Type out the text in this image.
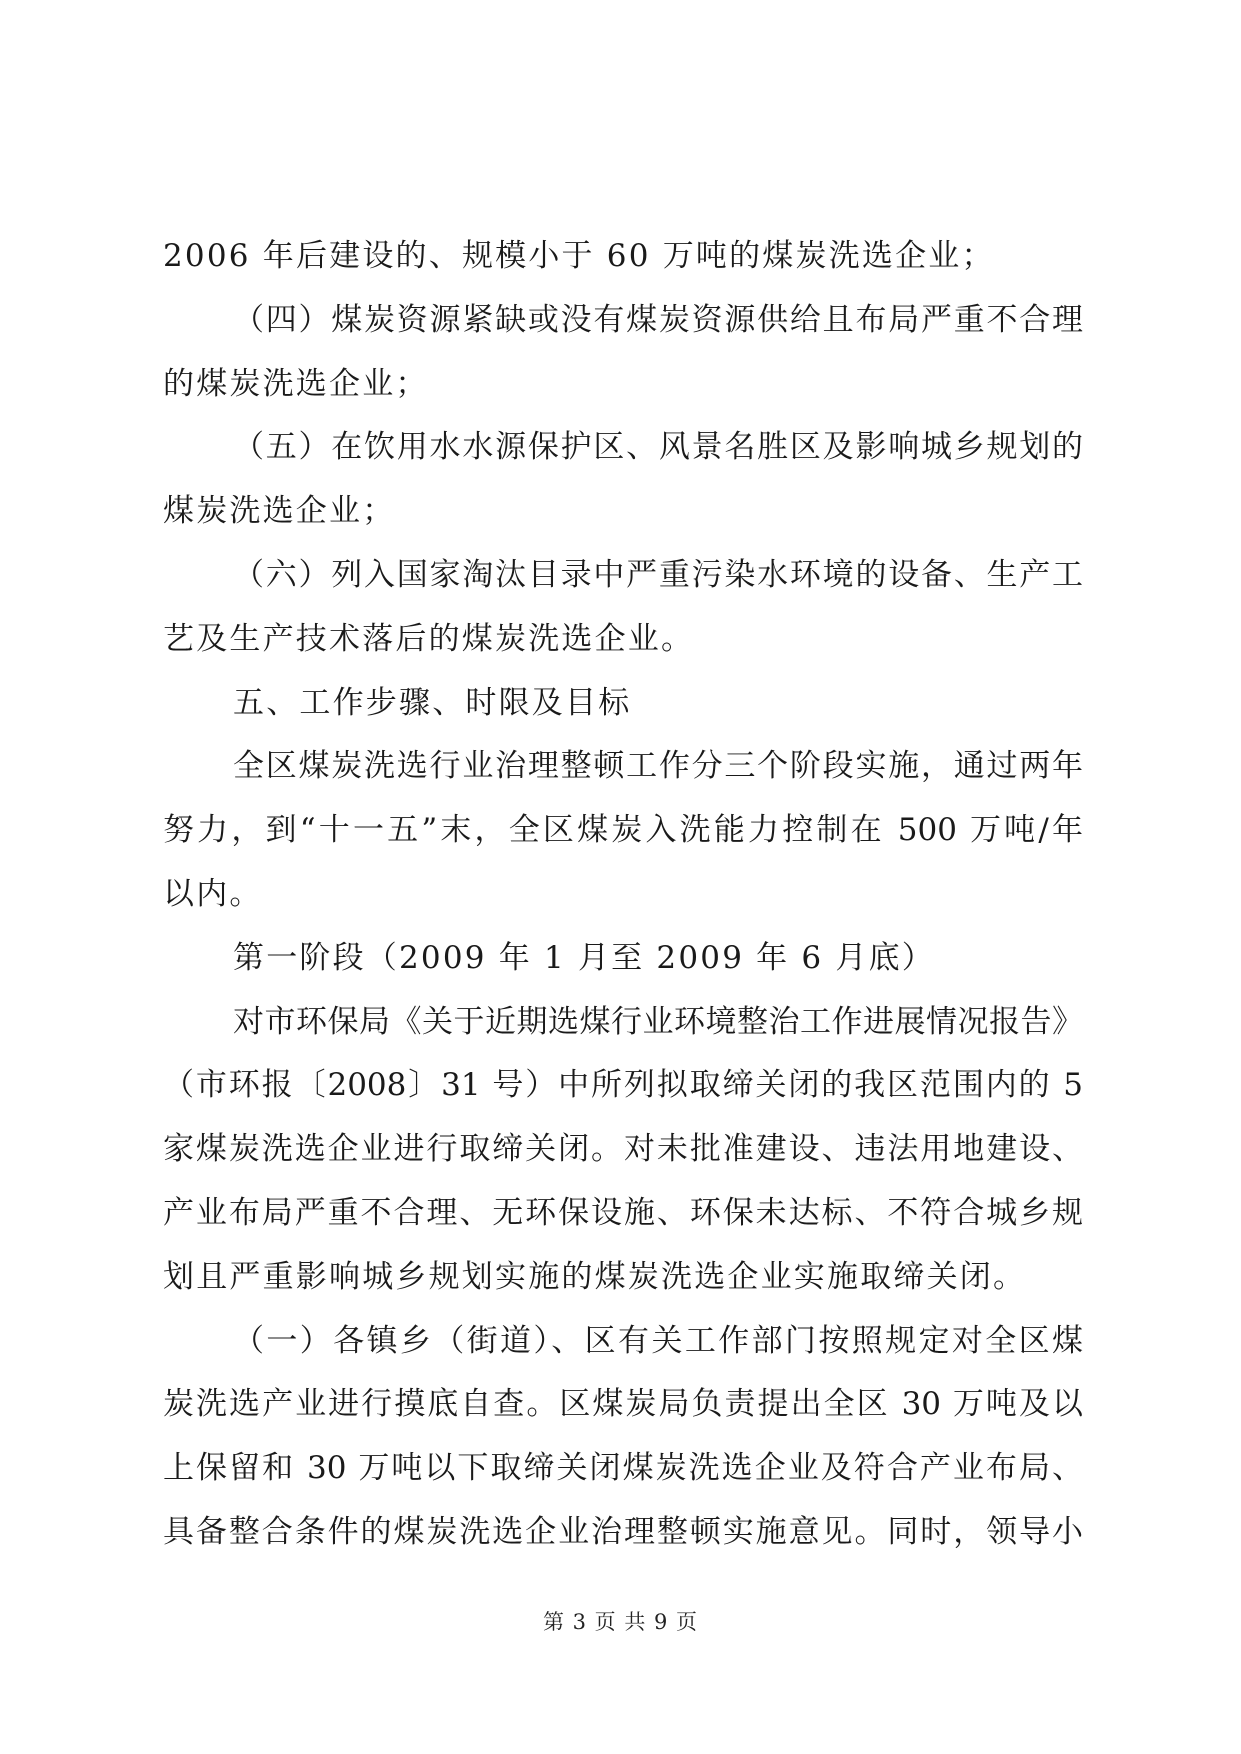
2006 年后建设的、规模小于 60 万吨的煤炭洗选企业；
（四）煤炭资源紧缺或没有煤炭资源供给且布局严重不合理
的煤炭洗选企业；
（五）在饮用水水源保护区、风景名胜区及影响城乡规划的
煤炭洗选企业；
（六）列入国家淘汰目录中严重污染水环境的设备、生产工
艺及生产技术落后的煤炭洗选企业。
五、工作步骤、时限及目标
全区煤炭洗选行业治理整顿工作分三个阶段实施，通过两年
努力，到“十一五”末，全区煤炭入洗能力控制在 500 万吨/年
以内。
第一阶段（2009 年 1 月至 2009 年 6 月底）
对市环保局《关于近期选煤行业环境整治工作进展情况报告》
（市环报〔2008〕31 号）中所列拟取缔关闭的我区范围内的 5
家煤炭洗选企业进行取缔关闭。对未批准建设、违法用地建设、
产业布局严重不合理、无环保设施、环保未达标、不符合城乡规
划且严重影响城乡规划实施的煤炭洗选企业实施取缔关闭。
（一）各镇乡（街道）、区有关工作部门按照规定对全区煤
炭洗选产业进行摸底自查。区煤炭局负责提出全区 30 万吨及以
上保留和 30 万吨以下取缔关闭煤炭洗选企业及符合产业布局、
具备整合条件的煤炭洗选企业治理整顿实施意见。同时，领导小
第 3 页 共 9 页
